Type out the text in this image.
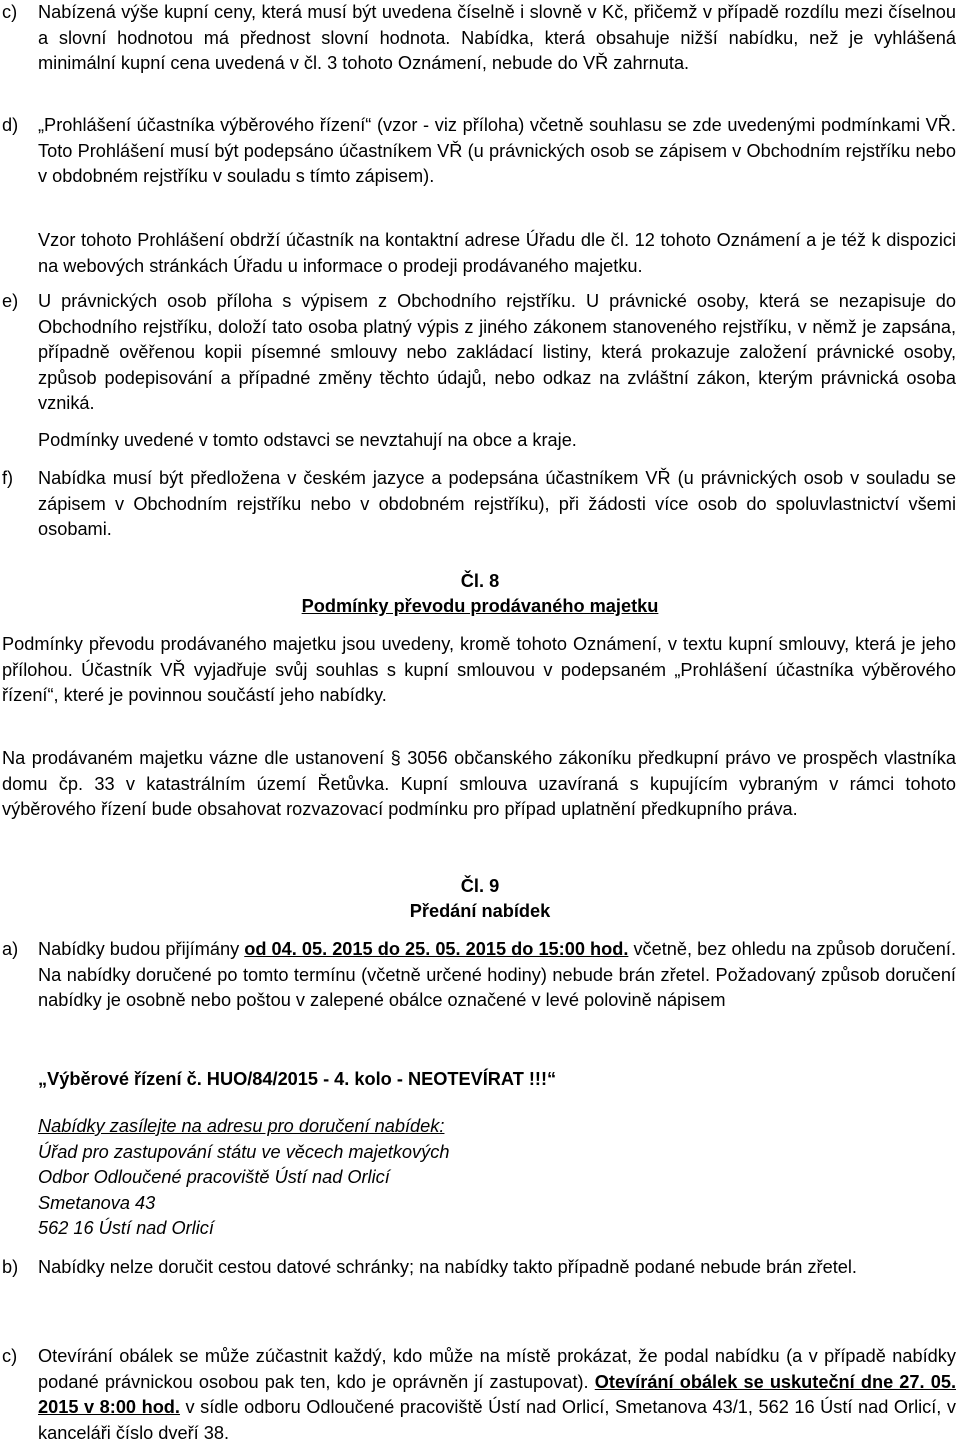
c) Nabízená výše kupní ceny, která musí být uvedena číselně i slovně v Kč, přičemž v případě rozdílu mezi číselnou a slovní hodnotou má přednost slovní hodnota. Nabídka, která obsahuje nižší nabídku, než je vyhlášená minimální kupní cena uvedená v čl. 3 tohoto Oznámení, nebude do VŘ zahrnuta.
d) „Prohlášení účastníka výběrového řízení“ (vzor - viz příloha) včetně souhlasu se zde uvedenými podmínkami VŘ. Toto Prohlášení musí být podepsáno účastníkem VŘ (u právnických osob se zápisem v Obchodním rejstříku nebo v obdobném rejstříku v souladu s tímto zápisem).
Vzor tohoto Prohlášení obdrží účastník na kontaktní adrese Úřadu dle čl. 12 tohoto Oznámení a je též k dispozici na webových stránkách Úřadu u informace o prodeji prodávaného majetku.
e) U právnických osob příloha s výpisem z Obchodního rejstříku. U právnické osoby, která se nezapisuje do Obchodního rejstříku, doloží tato osoba platný výpis z jiného zákonem stanoveného rejstříku, v němž je zapsána, případně ověřenou kopii písemné smlouvy nebo zakládací listiny, která prokazuje založení právnické osoby, způsob podepisování a případné změny těchto údajů, nebo odkaz na zvláštní zákon, kterým právnická osoba vzniká.
Podmínky uvedené v tomto odstavci se nevztahují na obce a kraje.
f) Nabídka musí být předložena v českém jazyce a podepsána účastníkem VŘ (u právnických osob v souladu se zápisem v Obchodním rejstříku nebo v obdobném rejstříku), při žádosti více osob do spoluvlastnictví všemi osobami.
Čl. 8
Podmínky převodu prodávaného majetku
Podmínky převodu prodávaného majetku jsou uvedeny, kromě tohoto Oznámení, v textu kupní smlouvy, která je jeho přílohou. Účastník VŘ vyjadřuje svůj souhlas s kupní smlouvou v podepsaném „Prohlášení účastníka výběrového řízení“, které je povinnou součástí jeho nabídky.
Na prodávaném majetku vázne dle ustanovení § 3056 občanského zákoníku předkupní právo ve prospěch vlastníka domu čp. 33 v katastrálním území Řetůvka. Kupní smlouva uzavíraná s kupujícím vybraným v rámci tohoto výběrového řízení bude obsahovat rozvazovací podmínku pro případ uplatnění předkupního práva.
Čl. 9
Předání nabídek
a) Nabídky budou přijímány od 04. 05. 2015 do 25. 05. 2015 do 15:00 hod. včetně, bez ohledu na způsob doručení. Na nabídky doručené po tomto termínu (včetně určené hodiny) nebude brán zřetel. Požadovaný způsob doručení nabídky je osobně nebo poštou v zalepené obálce označené v levé polovině nápisem
„Výběrové řízení č. HUO/84/2015 - 4. kolo - NEOTEVÍRAT !!!“
Nabídky zasílejte na adresu pro doručení nabídek:
Úřad pro zastupování státu ve věcech majetkových
Odbor Odloučené pracoviště Ústí nad Orlicí
Smetanova 43
562 16 Ústí nad Orlicí
b) Nabídky nelze doručit cestou datové schránky; na nabídky takto případně podané nebude brán zřetel.
c) Otevírání obálek se může zúčastnit každý, kdo může na místě prokázat, že podal nabídku (a v případě nabídky podané právnickou osobou pak ten, kdo je oprávněn jí zastupovat). Otevírání obálek se uskuteční dne 27. 05. 2015 v 8:00 hod. v sídle odboru Odloučené pracoviště Ústí nad Orlicí, Smetanova 43/1, 562 16 Ústí nad Orlicí, v kanceláři číslo dveří 38.
